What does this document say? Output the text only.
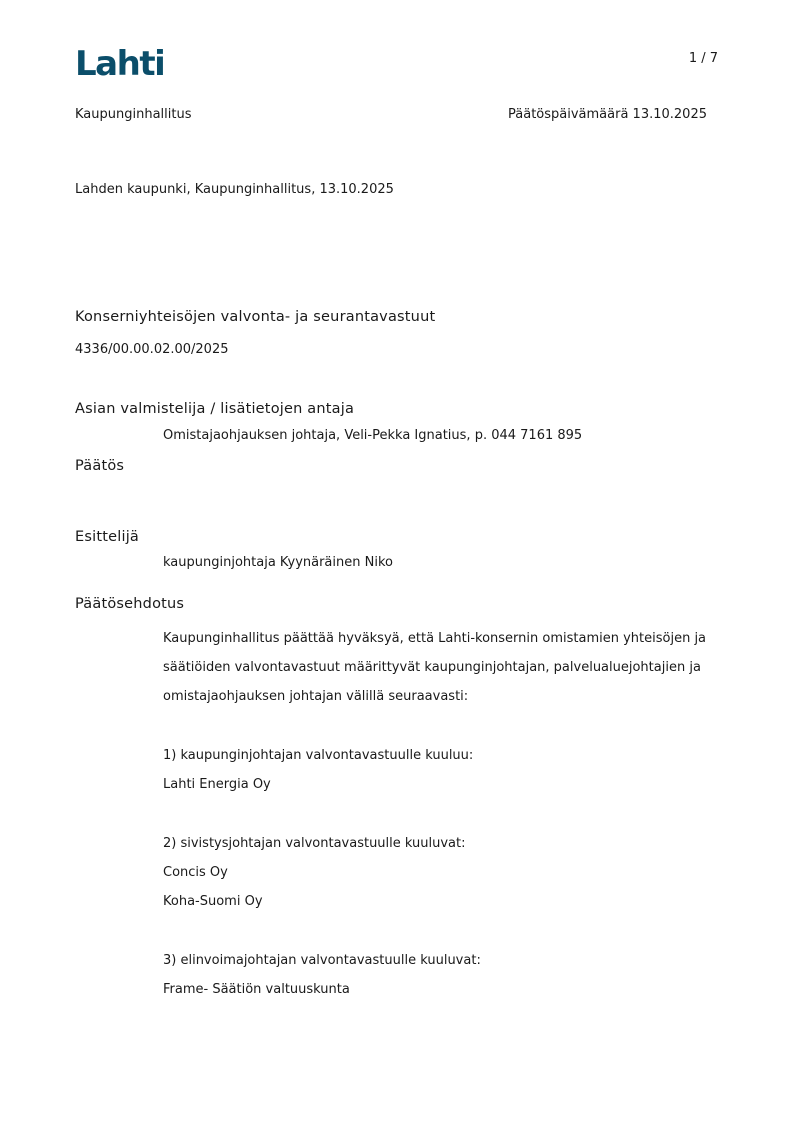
Lahti	1 / 7
Kaupunginhallitus	Päätöspäivämäärä 13.10.2025
Lahden kaupunki, Kaupunginhallitus, 13.10.2025
Konserniyhteisöjen valvonta- ja seurantavastuut
4336/00.00.02.00/2025
Asian valmistelija / lisätietojen antaja
Omistajaohjauksen johtaja, Veli-Pekka Ignatius, p. 044 7161 895
Päätös
Esittelijä
kaupunginjohtaja Kyynäräinen Niko
Päätösehdotus
Kaupunginhallitus päättää hyväksyä, että Lahti-konsernin omistamien yhteisöjen ja
säätiöiden valvontavastuut määrittyvät kaupunginjohtajan, palvelualuejohtajien ja
omistajaohjauksen johtajan välillä seuraavasti:
1) kaupunginjohtajan valvontavastuulle kuuluu:
Lahti Energia Oy
2) sivistysjohtajan valvontavastuulle kuuluvat:
Concis Oy
Koha-Suomi Oy
3) elinvoimajohtajan valvontavastuulle kuuluvat:
Frame- Säätiön valtuuskunta
